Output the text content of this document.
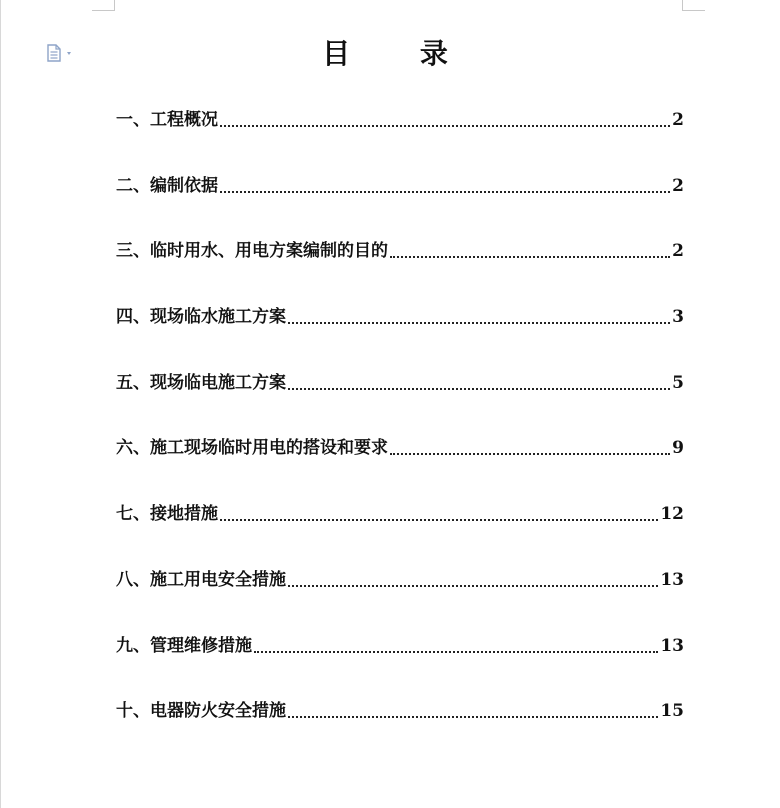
目 录
一、工程概况	2
二、编制依据	2
三、临时用水、用电方案编制的目的	2
四、现场临水施工方案	3
五、现场临电施工方案	5
六、施工现场临时用电的搭设和要求	9
七、接地措施	12
八、施工用电安全措施	13
九、管理维修措施	13
十、电器防火安全措施	15
